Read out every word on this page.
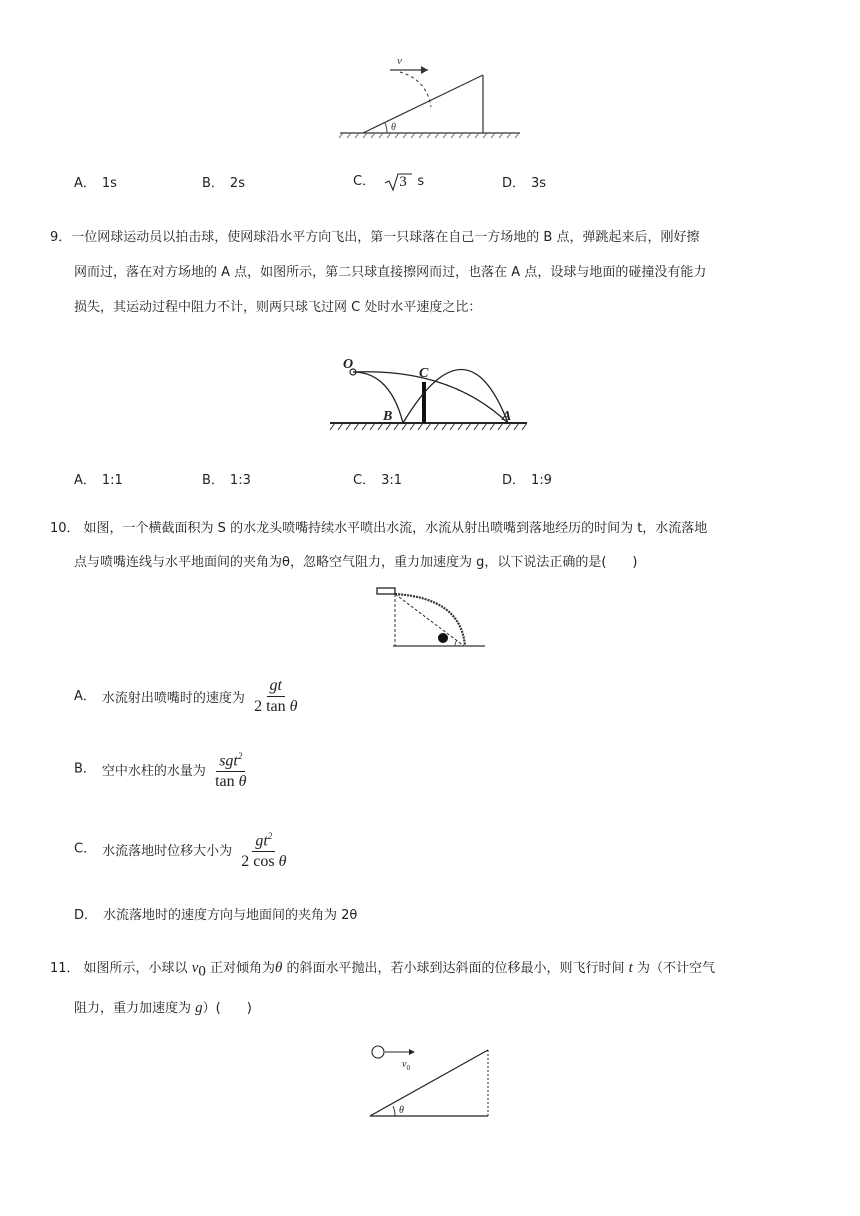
θ
v
A． 1s	B． 2s	C． 3 s	D． 3s
9．一位网球运动员以拍击球，使网球沿水平方向飞出，第一只球落在自己一方场地的 B 点，弹跳起来后，刚好擦
网而过，落在对方场地的 A 点，如图所示，第二只球直接擦网而过，也落在 A 点，设球与地面的碰撞没有能力
损失，其运动过程中阻力不计，则两只球飞过网 C 处时水平速度之比：
O
B
C
A
A． 1:1	B． 1:3	C． 3:1	D． 1:9
10． 如图，一个横截面积为 S 的水龙头喷嘴持续水平喷出水流，水流从射出喷嘴到落地经历的时间为 t，水流落地
点与喷嘴连线与水平地面间的夹角为θ，忽略空气阻力，重力加速度为 g，以下说法正确的是(　　)
A． 水流射出喷嘴时的速度为 $\frac{gt}{\text{2 tan θ}}$
B． 空中水柱的水量为 $\frac{sgt^2}{\text{tan θ}}$
C． 水流落地时位移大小为 $\frac{gt^2}{\text{2 cos θ}}$
D． 水流落地时的速度方向与地面间的夹角为 2θ
11． 如图所示，小球以 $v_0$ 正对倾角为θ 的斜面水平抛出，若小球到达斜面的位移最小，则飞行时间 t 为（不计空气
阻力，重力加速度为 g）(　　)
$v_0$
θ
